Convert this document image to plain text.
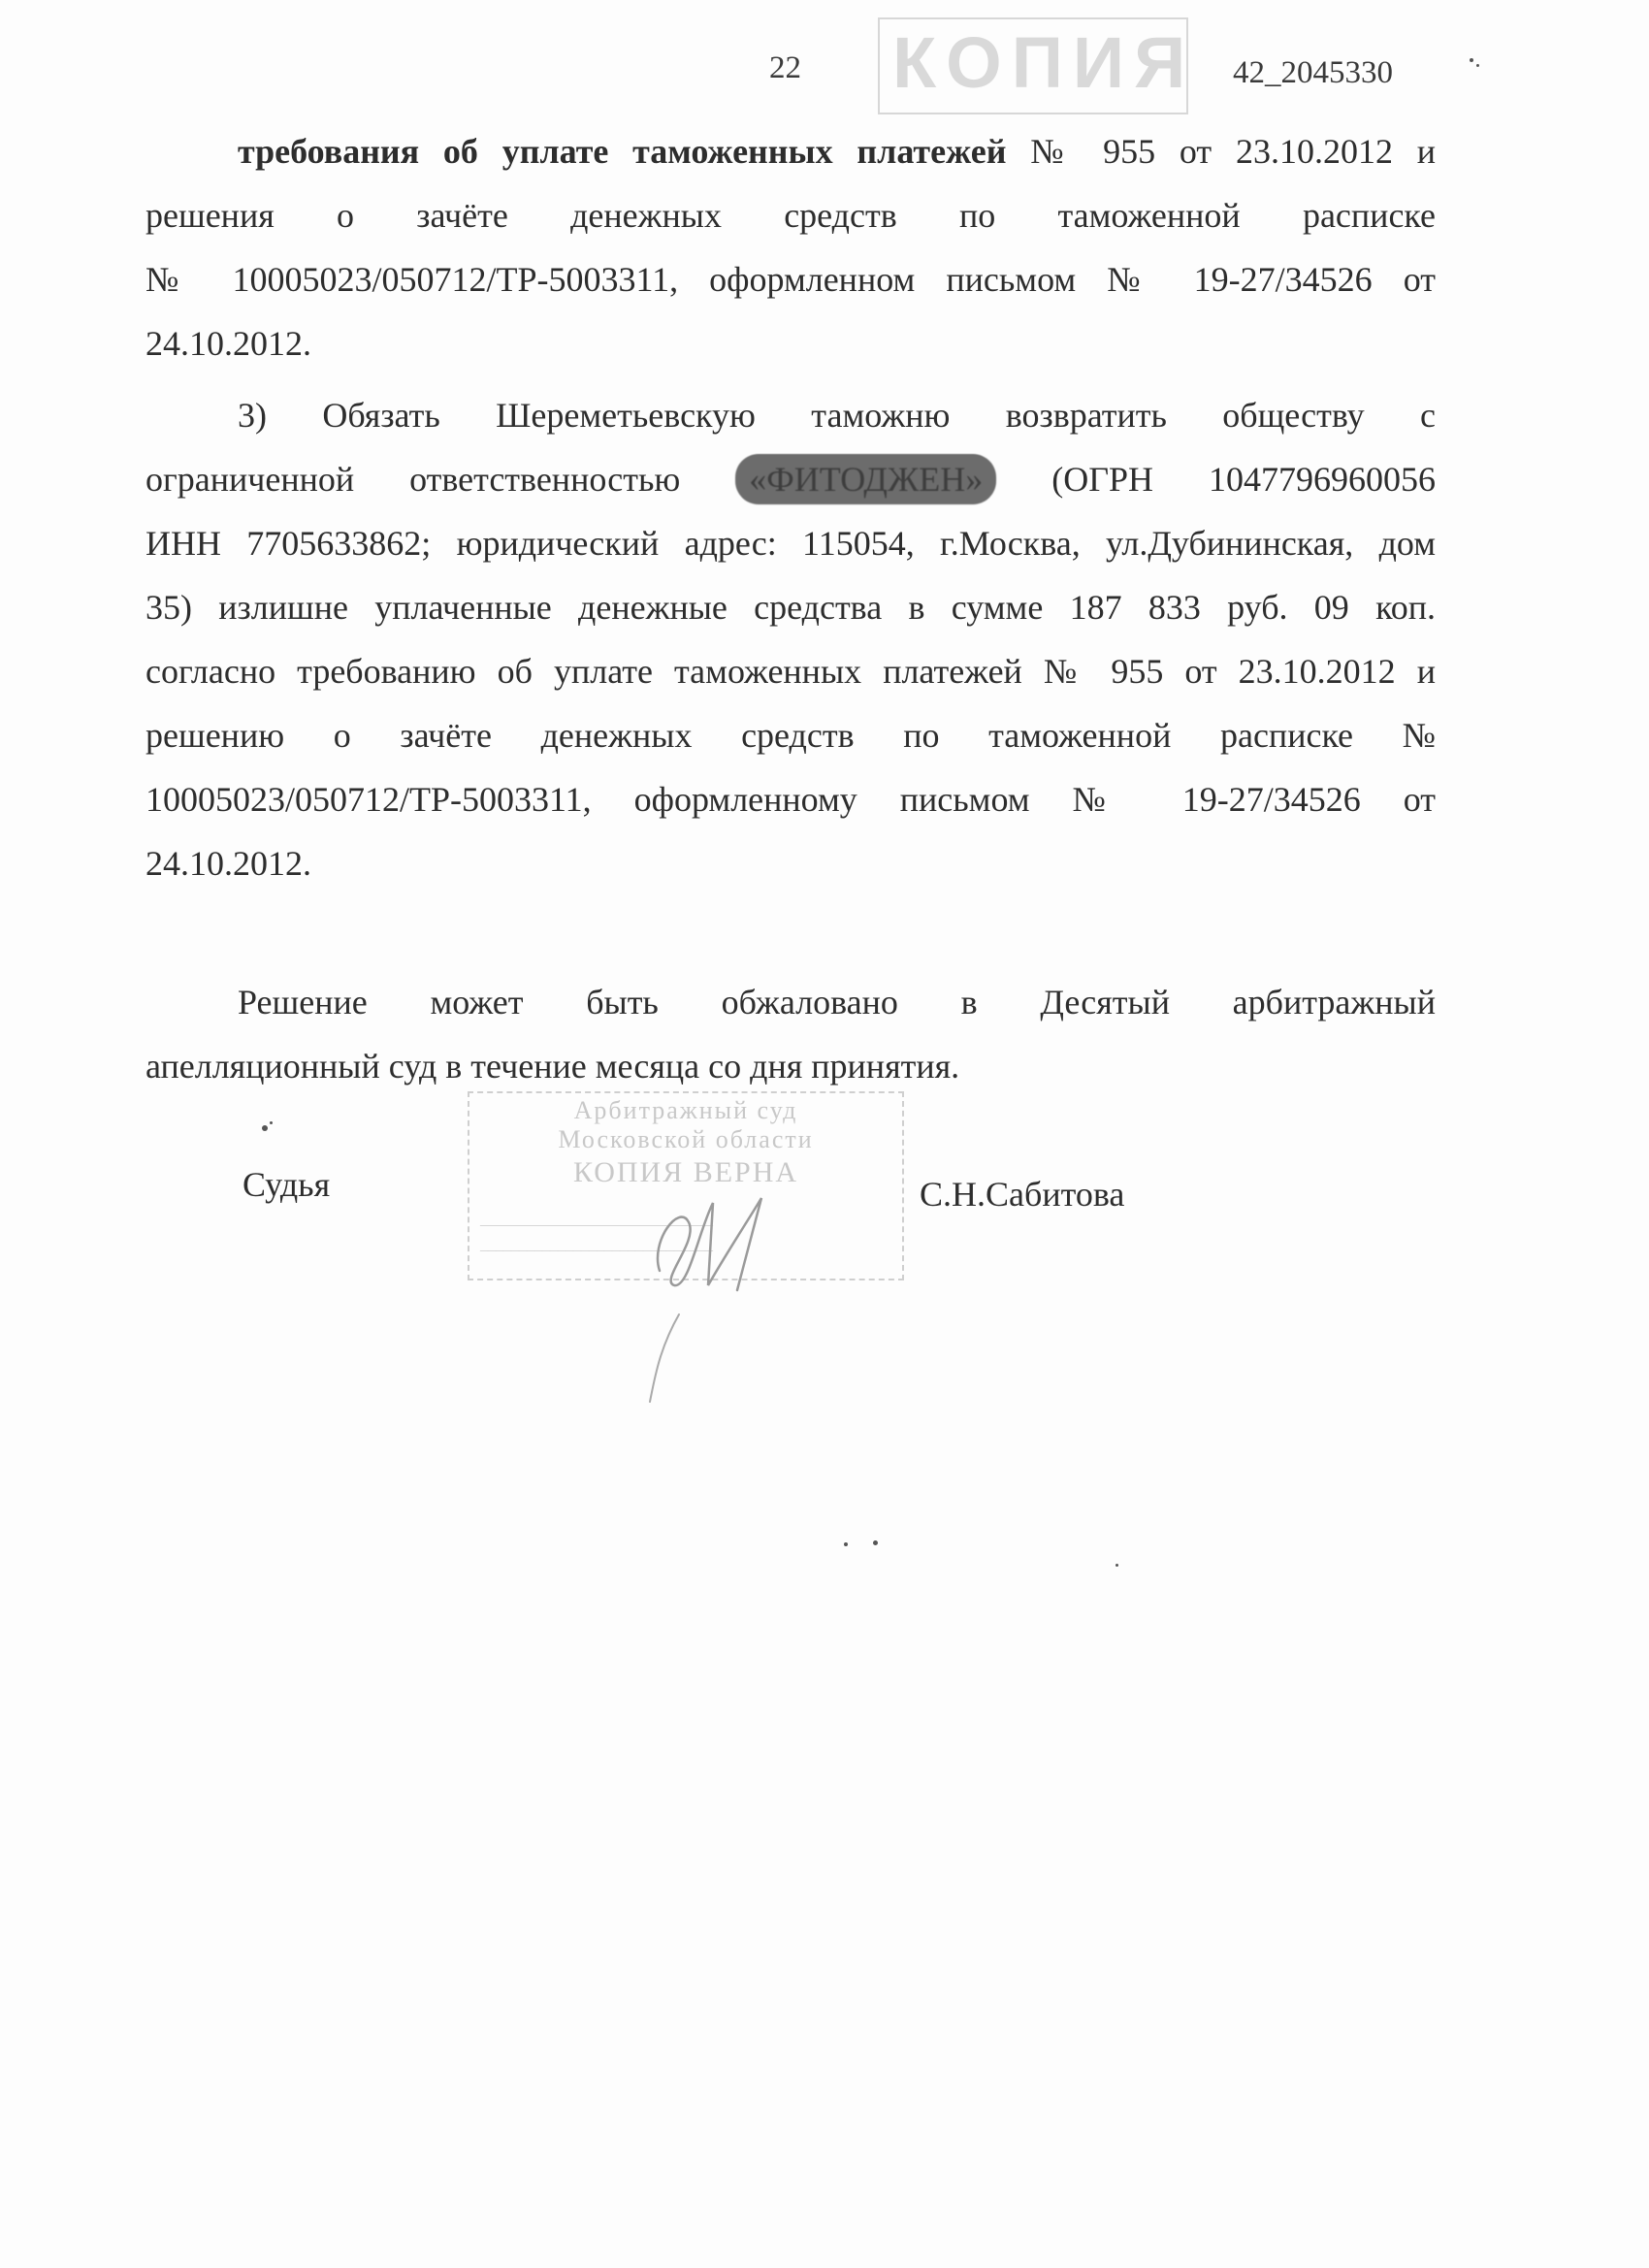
КОПИЯ
22	42_2045330
требования об уплате таможенных платежей № 955 от 23.10.2012 и
решения о зачёте денежных средств по таможенной расписке
№ 10005023/050712/ТР-5003311, оформленном письмом № 19-27/34526 от
24.10.2012.
3) Обязать Шереметьевскую таможню возвратить обществу с
ограниченной ответственностью «ФИТОДЖЕН» (ОГРН 1047796960056
ИНН 7705633862; юридический адрес: 115054, г.Москва, ул.Дубининская, дом
35) излишне уплаченные денежные средства в сумме 187 833 руб. 09 коп.
согласно требованию об уплате таможенных платежей № 955 от 23.10.2012 и
решению о зачёте денежных средств по таможенной расписке №
10005023/050712/ТР-5003311, оформленному письмом № 19-27/34526 от
24.10.2012.
Решение может быть обжаловано в Десятый арбитражный
апелляционный суд в течение месяца со дня принятия.
Арбитражный суд
Московской области
КОПИЯ ВЕРНА
______________________________
______________________________
Судья	С.Н.Сабитова
